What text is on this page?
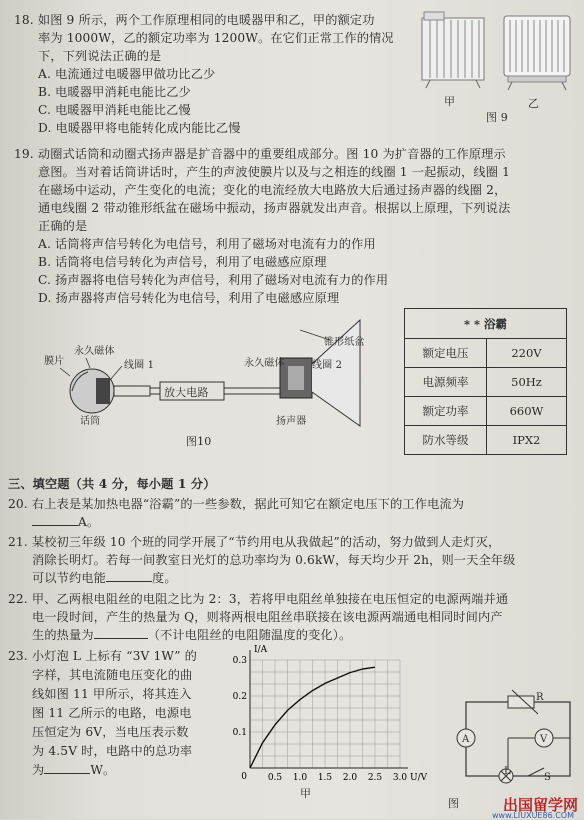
18. 如图 9 所示，两个工作原理相同的电暖器甲和乙，甲的额定功
率为 1000W，乙的额定功率为 1200W。在它们正常工作的情况
下，下列说法正确的是
A. 电流通过电暖器甲做功比乙少
B. 电暖器甲消耗电能比乙少
C. 电暖器甲消耗电能比乙慢
D. 电暖器甲将电能转化成内能比乙慢
甲	乙
图 9
19. 动圈式话筒和动圈式扬声器是扩音器中的重要组成部分。图 10 为扩音器的工作原理示
意图。当对着话筒讲话时，产生的声波使膜片以及与之相连的线圈 1 一起振动，线圈 1
在磁场中运动，产生变化的电流；变化的电流经放大电路放大后通过扬声器的线圈 2，
通电线圈 2 带动锥形纸盆在磁场中振动，扬声器就发出声音。根据以上原理，下列说法
正确的是
A. 话筒将声信号转化为电信号，利用了磁场对电流有力的作用
B. 话筒将电信号转化为声信号，利用了电磁感应原理
C. 扬声器将电信号转化为声信号，利用了磁场对电流有力的作用
D. 扬声器将声信号转化为电信号，利用了电磁感应原理
膜片
永久磁体
线圈 1
放大电路
永久磁体
锥形纸盆
线圈 2
话筒	扬声器
图10
* * 浴霸	
额定电压	220V
电源频率	50Hz
额定功率	660W
防水等级	IPX2
三、填空题（共 4 分，每小题 1 分）
20. 右上表是某加热电器“浴霸”的一些参数，据此可知它在额定电压下的工作电流为
A。
21. 某校初三年级 10 个班的同学开展了“节约用电从我做起”的活动，努力做到人走灯灭，
消除长明灯。若每一间教室日光灯的总功率均为 0.6kW，每天均少开 2h，则一天全年级
可以节约电能	度。
22. 甲、乙两根电阻丝的电阻之比为 2：3，若将甲电阻丝单独接在电压恒定的电源两端并通
电一段时间，产生的热量为 Q，则将两根电阻丝串联接在该电源两端通电相同时间内产
生的热量为	（不计电阻丝的电阻随温度的变化）。
23. 小灯泡 L 上标有 “3V 1W” 的
字样，其电流随电压变化的曲
线如图 11 甲所示，将其连入
图 11 乙所示的电路，电源电
压恒定为 6V，当电压表示数
为 4.5V 时，电路中的总功率
为	W。
0.5 1.0 1.5 2.0 2.5 3.0
0.1
0.2
0.3
0	U/V
I/A
甲
R
A	V
L
S
图	出国留学网
www.LIUXUE86.COM
